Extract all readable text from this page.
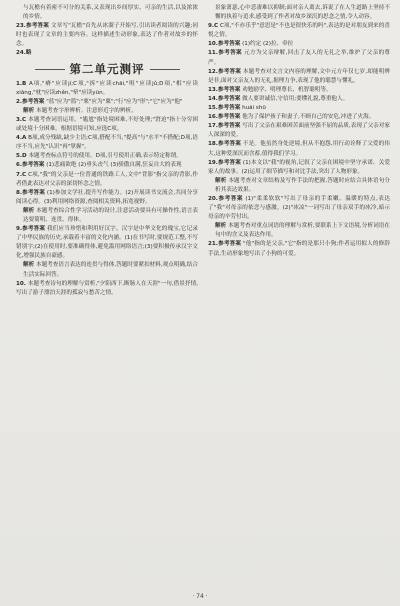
与瓦檐有着密不可分的关系,又表现出乡间厚实、可亲的生活,以及浓浓的乡情。

23.参考答案 文章写"瓦檐"首先从冰溜子开始写,引出读者阅读的兴趣;同时也表现了文章的主要内容。这样描述生动形象,表达了作者对故乡的怀念。

24.略

第二单元测评

1.B A项,"瘠"应读jí;C项,"拆"应读chāi,"咀"应读jǔ;D项,"相"应读xiāng,"枕"应读zhěn,"晕"应读yūn。

2.参考答案 "蓝"应为"篮";"栗"应为"粟";"行"应为"形";"它"应为"他"

解析 本题考查字形辨析。注意形近字的辨析。

3.C 本题考查词语运用。"尴尬"指处境困难,不好处理;"窘迫"指十分穷困或处境十分困难。根据语境可知,应选C项。

4.A B项,成分残缺,缺少主语;C项,搭配不当,"提高"与"水平"不搭配;D项,语序不当,应先"认识"再"掌握"。

5.D 本题考查标点符号的使用。D项,引号使用正确,表示特定称谓。

6.参考答案 (1)悲痛欲绝 (2)垂头丧气 (3)骄傲自满,狂妄自大的表现

7.C C项,"我"的父亲是一位普通的铁路工人,文中"背影"指父亲的背影,作者借此表达对父亲的深切怀念之情。

8.参考答案 (1)参加文学社,提升写作能力。(2)开展读书交流会,共同分享阅读心得。(3)利用网络资源,查阅相关资料,拓宽视野。

解析 本题考查综合性学习活动的设计,注意活动要具有可操作性,语言表达要简明、连贯、得体。

9.参考答案 我们应当珍惜和利用好汉字。汉字是中华文化的瑰宝,它记录了中华民族的历史,承载着丰富的文化内涵。(1)在书写时,要规范工整,不写错别字;(2)在使用时,要准确得体,避免滥用网络语言;(3)要积极传承汉字文化,增强民族自豪感。

解析 本题考查语言表达的连贯与得体,答题时要紧扣材料,观点明确,结合生活实际回答。

10. 本题考查诗句的理解与赏析,"夕阳西下,断肠人在天涯"一句,借景抒情,写出了游子漂泊天涯的孤寂与愁苦之情。

景象萧瑟,心中悲凄难以抑制;面对亲人离去,诉说了在人生道路上坚持不懈的执着与追求,感受到了作者对故乡深沉的思念之情,令人动容。

9.C C项,"不亦乐乎"意思是"不也是很快乐的吗",表达的是对朋友到来的喜悦之情。

10.参考答案 (1)约定 (2)拉、牵拉

11.参考答案 元方为父亲辩解,回击了友人的无礼之举,维护了父亲的尊严。

12.参考答案 本题考查对文言文内容的理解,文中元方年仅七岁,却能明辨是非,面对父亲友人的无礼,据理力争,表现了他的聪慧与懂礼。

13.参考答案 劝勉励学、明理尊长、机智聪明等。

14.参考答案 做人要讲诚信,守信用;要懂礼貌,尊重他人。

15.参考答案 huāi shū

16.参考答案 他为了保护孩子和妻子,不顾自己的安危,冲进了火海。

17.参考答案 写出了父亲在艰难困苦面前坚强不屈的品质,表现了父亲对家人深深的爱。

18.参考答案 不是。他虽然身处逆境,但从不抱怨,用行动诠释了父爱的伟大,这种爱深沉而含蓄,值得我们学习。

19.参考答案 (1)本文以"我"的视角,记叙了父亲在困境中坚守承诺、关爱家人的故事。(2)运用了细节描写和对比手法,突出了人物形象。

解析 本题考查对文章结构及写作手法的把握,答题时应结合具体语句分析其表达效果。

20.参考答案 (1)"柔柔软软"写出了母亲的手柔嫩、温暖的特点,表达了"我"对母亲的依恋与感激。(2)"冰凉"一词写出了母亲双手的冰冷,暗示母亲的辛劳付出。

解析 本题考查对重点词语的理解与赏析,要联系上下文语境,分析词语在句中的含义及表达作用。

21.参考答案 "他"指的是父亲,"它"指的是那只小狗;作者运用拟人的修辞手法,生动形象地写出了小狗的可爱。

· 74 ·
